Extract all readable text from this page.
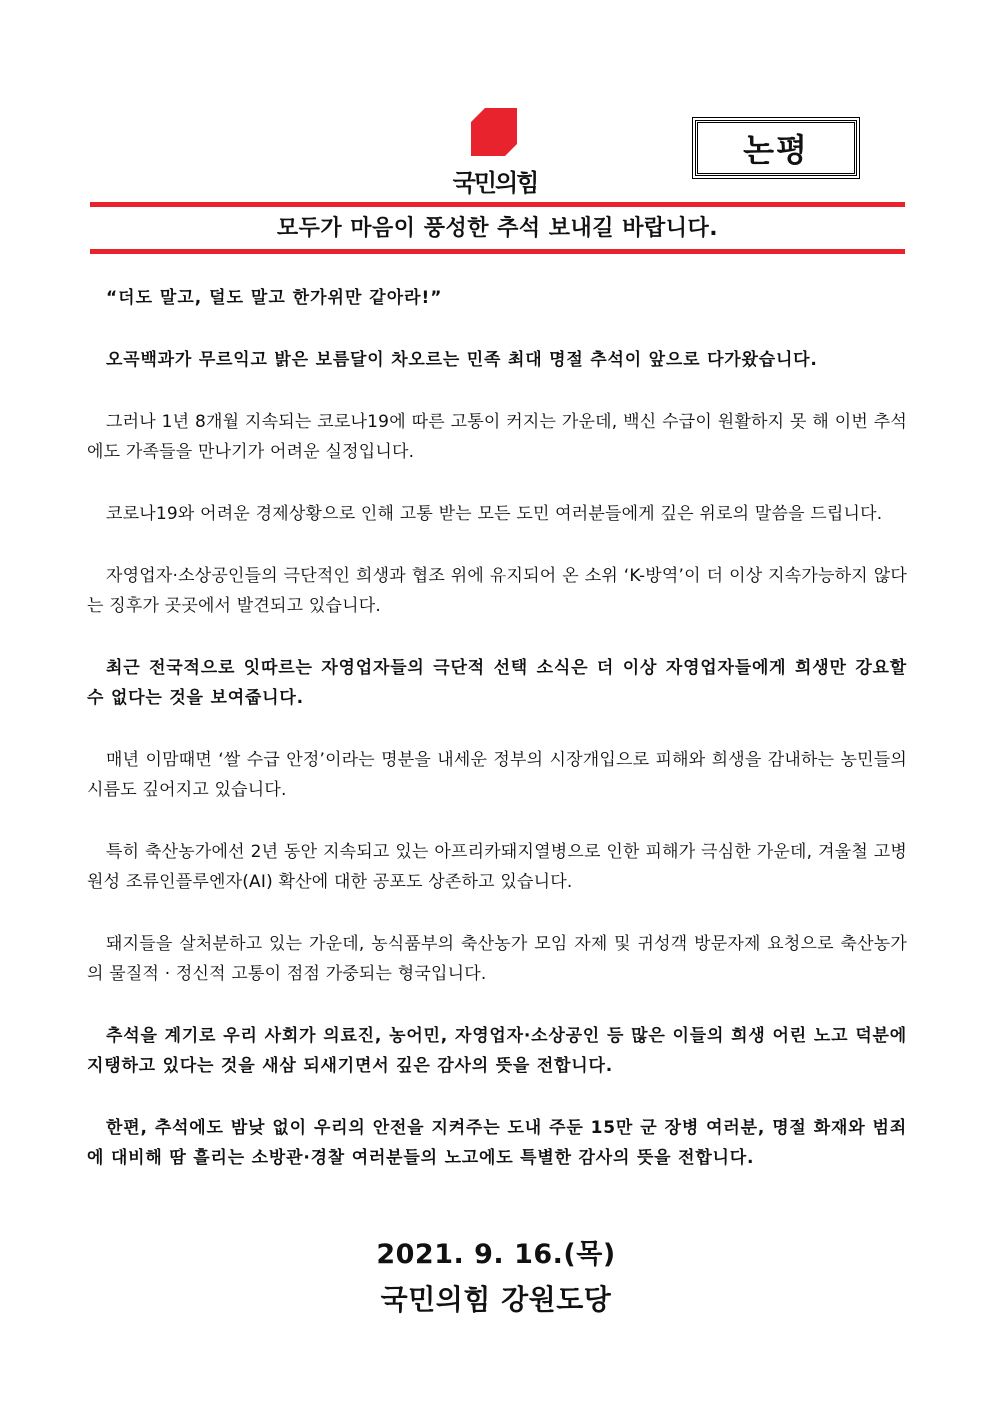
국민의힘
논평
모두가 마음이 풍성한 추석 보내길 바랍니다.

“더도 말고, 덜도 말고 한가위만 같아라!”

오곡백과가 무르익고 밝은 보름달이 차오르는 민족 최대 명절 추석이 앞으로 다가왔습니다.

그러나 1년 8개월 지속되는 코로나19에 따른 고통이 커지는 가운데, 백신 수급이 원활하지 못 해 이번 추석에도 가족들을 만나기가 어려운 실정입니다.

코로나19와 어려운 경제상황으로 인해 고통 받는 모든 도민 여러분들에게 깊은 위로의 말씀을 드립니다.

자영업자·소상공인들의 극단적인 희생과 협조 위에 유지되어 온 소위 ‘K-방역’이 더 이상 지속가능하지 않다는 징후가 곳곳에서 발견되고 있습니다.

최근 전국적으로 잇따르는 자영업자들의 극단적 선택 소식은 더 이상 자영업자들에게 희생만 강요할 수 없다는 것을 보여줍니다.

매년 이맘때면 ‘쌀 수급 안정’이라는 명분을 내세운 정부의 시장개입으로 피해와 희생을 감내하는 농민들의 시름도 깊어지고 있습니다.

특히 축산농가에선 2년 동안 지속되고 있는 아프리카돼지열병으로 인한 피해가 극심한 가운데, 겨울철 고병원성 조류인플루엔자(AI) 확산에 대한 공포도 상존하고 있습니다.

돼지들을 살처분하고 있는 가운데, 농식품부의 축산농가 모임 자제 및 귀성객 방문자제 요청으로 축산농가의 물질적 · 정신적 고통이 점점 가중되는 형국입니다.

추석을 계기로 우리 사회가 의료진, 농어민, 자영업자·소상공인 등 많은 이들의 희생 어린 노고 덕분에 지탱하고 있다는 것을 새삼 되새기면서 깊은 감사의 뜻을 전합니다.

한편, 추석에도 밤낮 없이 우리의 안전을 지켜주는 도내 주둔 15만 군 장병 여러분, 명절 화재와 범죄에 대비해 땀 흘리는 소방관·경찰 여러분들의 노고에도 특별한 감사의 뜻을 전합니다.

2021. 9. 16.(목)
국민의힘 강원도당
